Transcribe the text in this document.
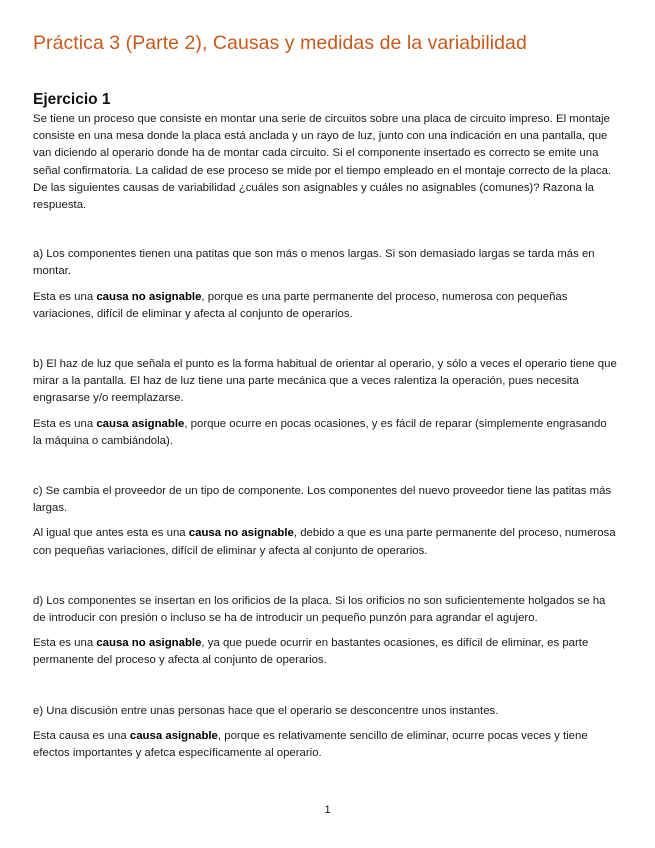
Práctica 3 (Parte 2), Causas y medidas de la variabilidad
Ejercicio 1

Se tiene un proceso que consiste en montar una serie de circuitos sobre una placa de circuito impreso. El montaje consiste en una mesa donde la placa está anclada y un rayo de luz, junto con una indicación en una pantalla, que van diciendo al operario donde ha de montar cada circuito. Si el componente insertado es correcto se emite una señal confirmatoria. La calidad de ese proceso se mide por el tiempo empleado en el montaje correcto de la placa. De las siguientes causas de variabilidad ¿cuáles son asignables y cuáles no asignables (comunes)? Razona la respuesta.

a) Los componentes tienen una patitas que son más o menos largas. Si son demasiado largas se tarda más en montar.

Esta es una causa no asignable, porque es una parte permanente del proceso, numerosa con pequeñas variaciones, difícil de eliminar y afecta al conjunto de operarios.

b) El haz de luz que señala el punto es la forma habitual de orientar al operario, y sólo a veces el operario tiene que mirar a la pantalla. El haz de luz tiene una parte mecánica que a veces ralentiza la operación, pues necesita engrasarse y/o reemplazarse.

Esta es una causa asignable, porque ocurre en pocas ocasiones, y es fácil de reparar (simplemente engrasando la máquina o cambiándola).

c) Se cambia el proveedor de un tipo de componente. Los componentes del nuevo proveedor tiene las patitas más largas.

Al igual que antes esta es una causa no asignable, debido a que es una parte permanente del proceso, numerosa con pequeñas variaciones, difícil de eliminar y afecta al conjunto de operarios.

d) Los componentes se insertan en los orificios de la placa. Si los orificios no son suficientemente holgados se ha de introducir con presión o incluso se ha de introducir un pequeño punzón para agrandar el agujero.

Esta es una causa no asignable, ya que puede ocurrir en bastantes ocasiones, es difícil de eliminar, es parte permanente del proceso y afecta al conjunto de operarios.

e) Una discusión entre unas personas hace que el operario se desconcentre unos instantes.

Esta causa es una causa asignable, porque es relativamente sencillo de eliminar, ocurre pocas veces y tiene efectos importantes y afetca específicamente al operario.

1
